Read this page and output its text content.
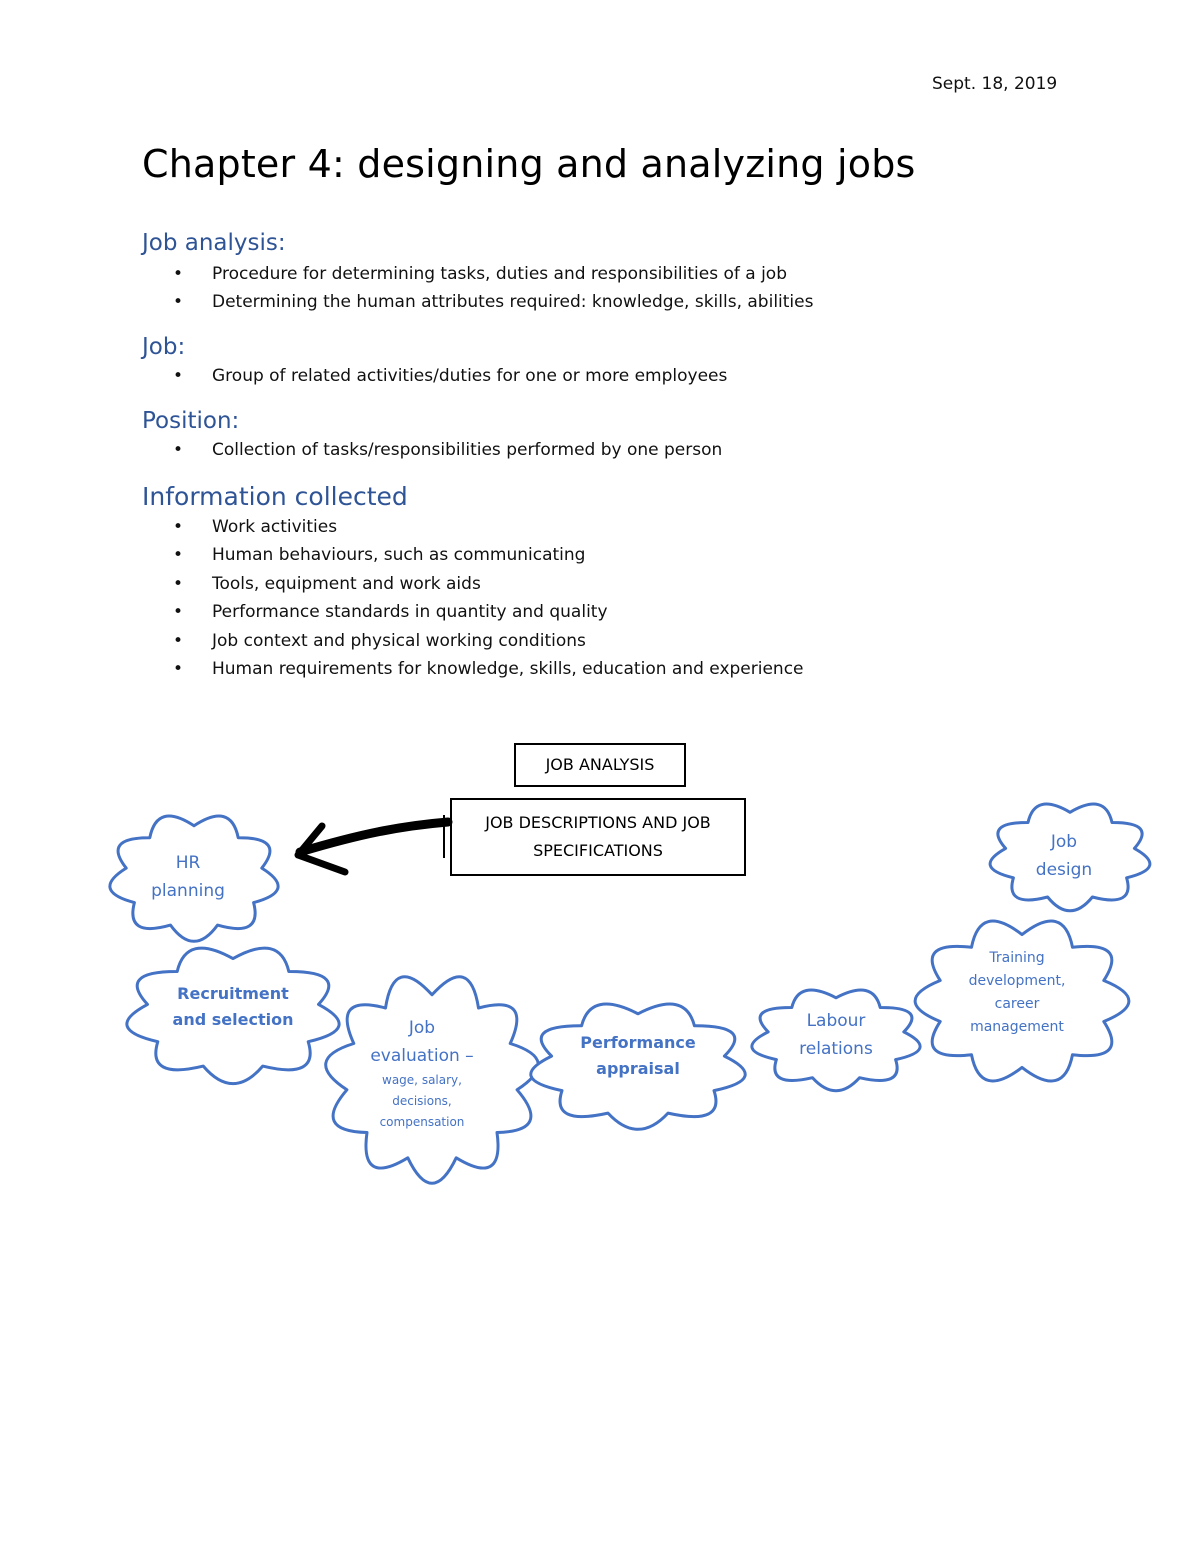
Sept. 18, 2019
Chapter 4: designing and analyzing jobs
Job analysis:
• Procedure for determining tasks, duties and responsibilities of a job
• Determining the human attributes required: knowledge, skills, abilities
Job:
• Group of related activities/duties for one or more employees
Position:
• Collection of tasks/responsibilities performed by one person
Information collected
• Work activities
• Human behaviours, such as communicating
• Tools, equipment and work aids
• Performance standards in quantity and quality
• Job context and physical working conditions
• Human requirements for knowledge, skills, education and experience
JOB ANALYSIS
JOB DESCRIPTIONS AND JOB SPECIFICATIONS
HR
planning
Job
design
Recruitment
and selection	Job
evaluation –
wage, salary,
decisions,
compensation
Performance
appraisal
Labour
relations
Training
development,
career
management
